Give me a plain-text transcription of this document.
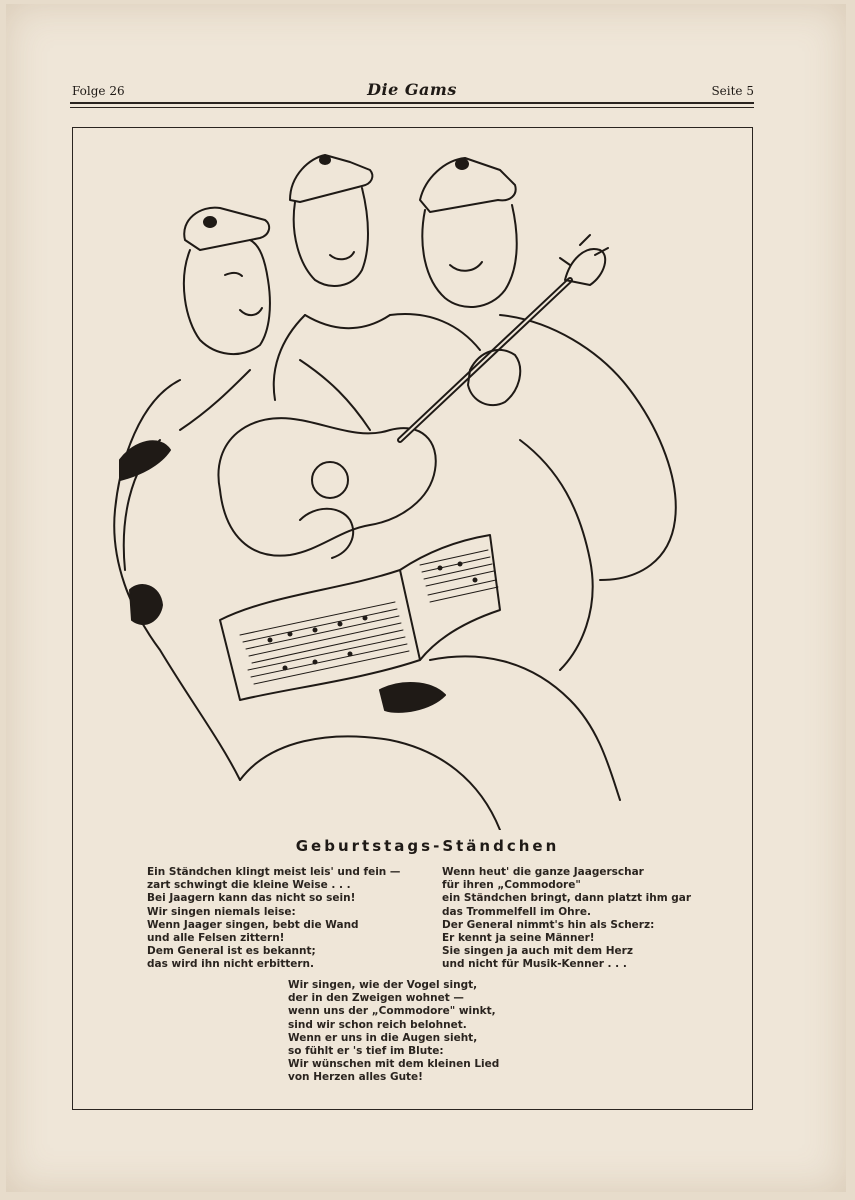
Folge 26	Die Gams	Seite 5
Geburtstags-Ständchen
Ein Ständchen klingt meist leis' und fein —
zart schwingt die kleine Weise . . .
Bei Jaagern kann das nicht so sein!
Wir singen niemals leise:
Wenn Jaager singen, bebt die Wand
und alle Felsen zittern!
Dem General ist es bekannt;
das wird ihn nicht erbittern.
Wenn heut' die ganze Jaagerschar
für ihren „Commodore"
ein Ständchen bringt, dann platzt ihm gar
das Trommelfell im Ohre.
Der General nimmt's hin als Scherz:
Er kennt ja seine Männer!
Sie singen ja auch mit dem Herz
und nicht für Musik-Kenner . . .
Wir singen, wie der Vogel singt,
der in den Zweigen wohnet —
wenn uns der „Commodore" winkt,
sind wir schon reich belohnet.
Wenn er uns in die Augen sieht,
so fühlt er 's tief im Blute:
Wir wünschen mit dem kleinen Lied
von Herzen alles Gute!
